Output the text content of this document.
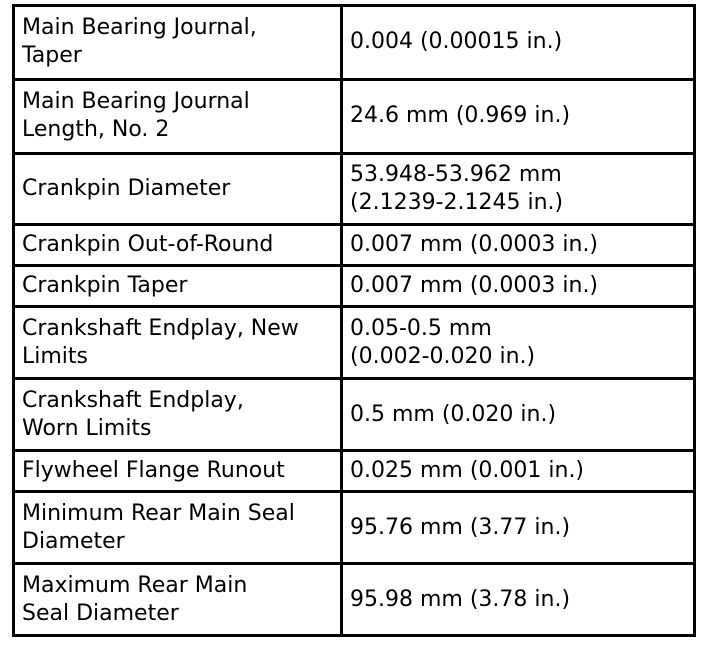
Main Bearing Journal,
Taper	0.004 (0.00015 in.)

Main Bearing Journal
Length, No. 2	24.6 mm (0.969 in.)

Crankpin Diameter	53.948-53.962 mm
(2.1239-2.1245 in.)

Crankpin Out-of-Round	0.007 mm (0.0003 in.)

Crankpin Taper	0.007 mm (0.0003 in.)

Crankshaft Endplay, New
Limits	0.05-0.5 mm
(0.002-0.020 in.)

Crankshaft Endplay,
Worn Limits	0.5 mm (0.020 in.)

Flywheel Flange Runout	0.025 mm (0.001 in.)

Minimum Rear Main Seal
Diameter	95.76 mm (3.77 in.)

Maximum Rear Main
Seal Diameter	95.98 mm (3.78 in.)
